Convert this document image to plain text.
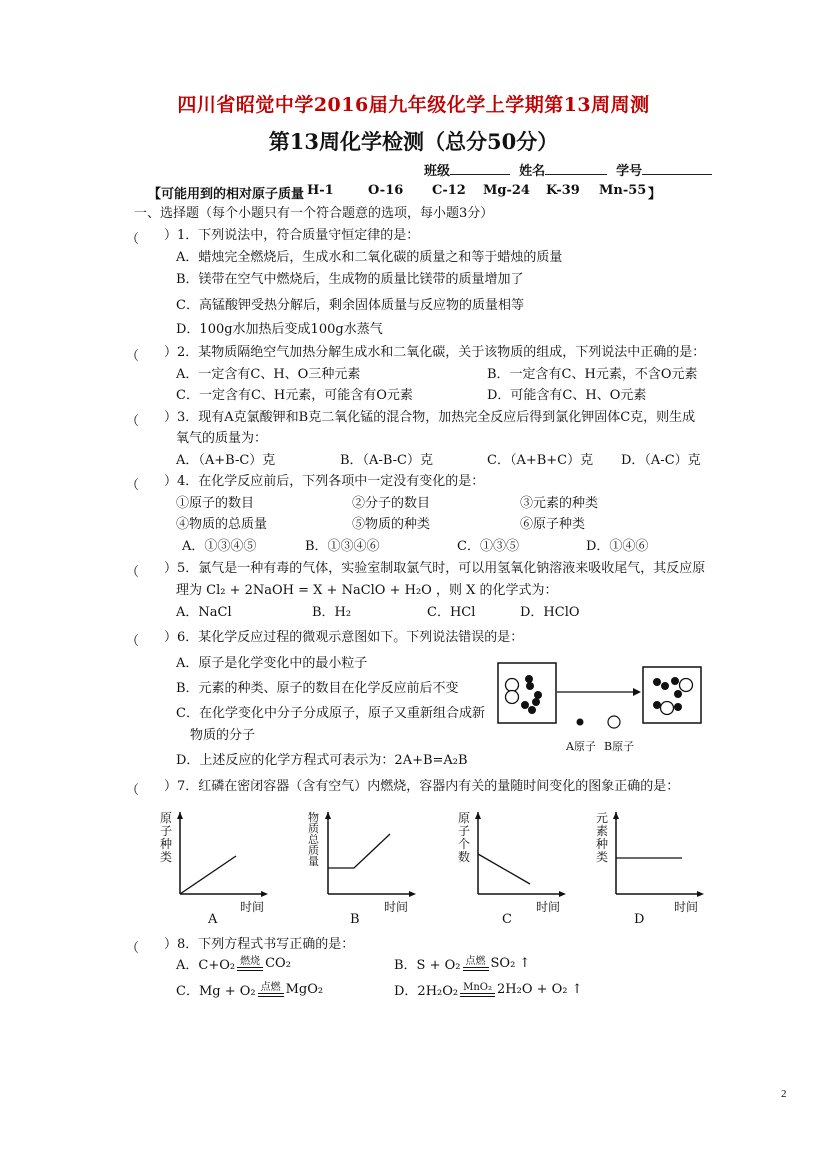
四川省昭觉中学2016届九年级化学上学期第13周周测
第13周化学检测（总分50分）
班级	姓名	学号
【可能用到的相对原子质量 H-1	O-16 C-12 Mg-24 K-39 Mn-55 】
一、选择题（每个小题只有一个符合题意的选项，每小题3分）
（ ）1．下列说法中，符合质量守恒定律的是：
A．蜡烛完全燃烧后，生成水和二氧化碳的质量之和等于蜡烛的质量
B．镁带在空气中燃烧后，生成物的质量比镁带的质量增加了
C．高锰酸钾受热分解后，剩余固体质量与反应物的质量相等
D．100g水加热后变成100g水蒸气
（ ）2．某物质隔绝空气加热分解生成水和二氧化碳，关于该物质的组成，下列说法中正确的是：
A．一定含有C、H、O三种元素	B．一定含有C、H元素，不含O元素
C．一定含有C、H元素，可能含有O元素	D．可能含有C、H、O元素
（ ）3．现有A克氯酸钾和B克二氧化锰的混合物，加热完全反应后得到氯化钾固体C克，则生成
氧气的质量为：
A．（A+B-C）克	B．（A-B-C）克	C．（A+B+C）克 D．（A-C）克
（ ）4．在化学反应前后，下列各项中一定没有变化的是：
①原子的数目	②分子的数目	③元素的种类
④物质的总质量	⑤物质的种类	⑥原子种类
A．①③④⑤	B．①③④⑥	C．①③⑤	D．①④⑥
（ ）5．氯气是一种有毒的气体，实验室制取氯气时，可以用氢氧化钠溶液来吸收尾气，其反应原
理为 Cl₂ + 2NaOH = X + NaClO + H₂O ，则 X 的化学式为：
A．NaCl	B．H₂	C．HCl	D．HClO
（ ）6．某化学反应过程的微观示意图如下。下列说法错误的是：
A．原子是化学变化中的最小粒子
B．元素的种类、原子的数目在化学反应前后不变
C．在化学变化中分子分成原子，原子又重新组合成新
物质的分子
D．上述反应的化学方程式可表示为：2A+B=A₂B
A原子 B原子
（ ）7．红磷在密闭容器（含有空气）内燃烧，容器内有关的量随时间变化的图象正确的是：
原子种类
时间
A
物质总质量
时间
B
原子个数
时间
C
元素种类
时间
D
（ ）8．下列方程式书写正确的是：
A．C+O₂ 燃烧 CO₂	B．S + O₂ 点燃 SO₂ ↑
C．Mg + O₂ 点燃 MgO₂	D．2H₂O₂ MnO₂ 2H₂O + O₂ ↑
2
